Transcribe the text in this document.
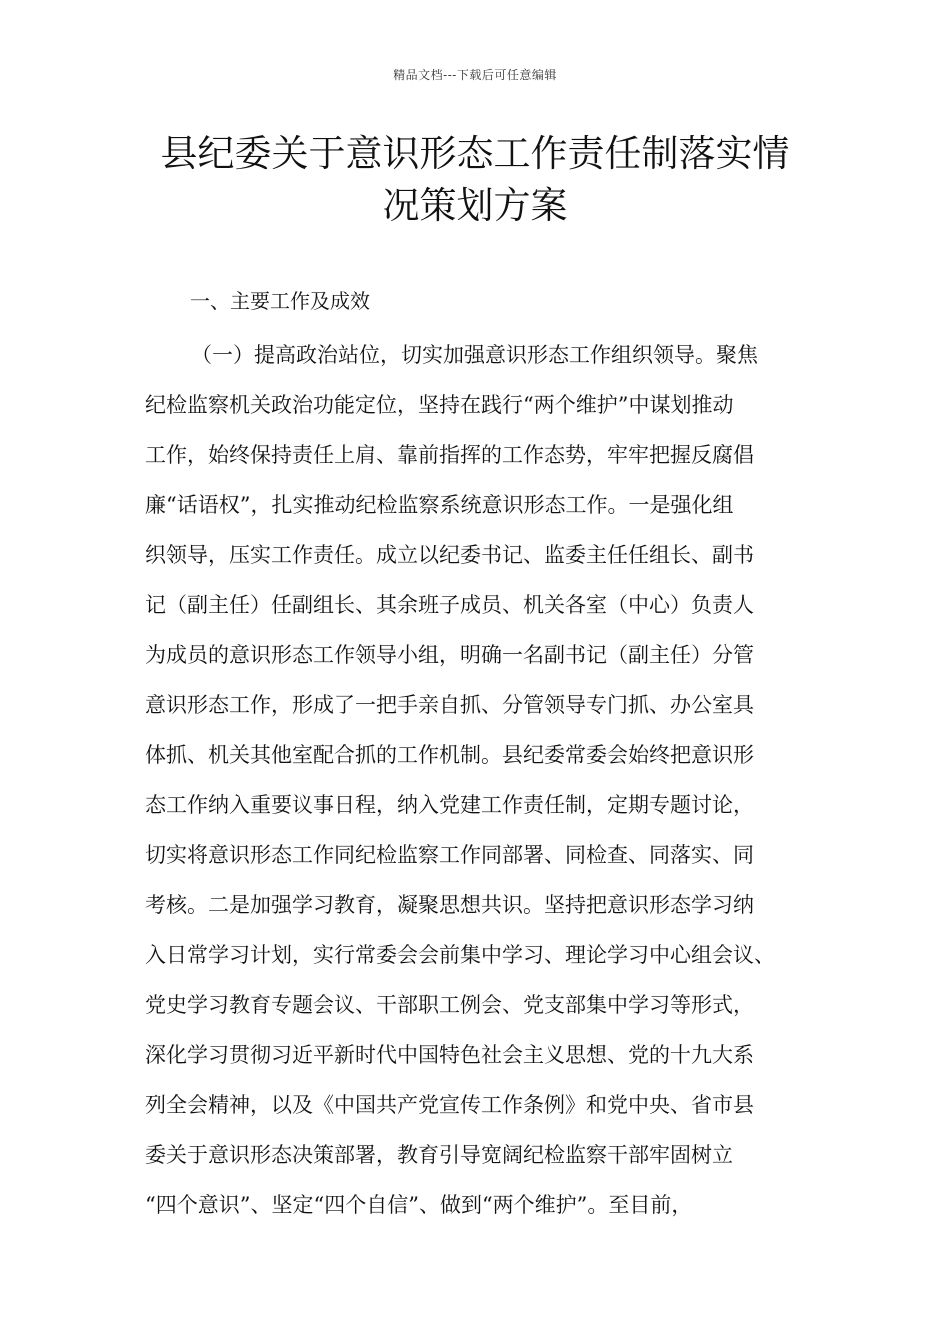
精品文档---下载后可任意编辑
县纪委关于意识形态工作责任制落实情
况策划方案
一、主要工作及成效
（一）提高政治站位，切实加强意识形态工作组织领导。聚焦
纪检监察机关政治功能定位，坚持在践行“两个维护”中谋划推动
工作，始终保持责任上肩、靠前指挥的工作态势，牢牢把握反腐倡
廉“话语权”，扎实推动纪检监察系统意识形态工作。一是强化组
织领导，压实工作责任。成立以纪委书记、监委主任任组长、副书
记（副主任）任副组长、其余班子成员、机关各室（中心）负责人
为成员的意识形态工作领导小组，明确一名副书记（副主任）分管
意识形态工作，形成了一把手亲自抓、分管领导专门抓、办公室具
体抓、机关其他室配合抓的工作机制。县纪委常委会始终把意识形
态工作纳入重要议事日程，纳入党建工作责任制，定期专题讨论，
切实将意识形态工作同纪检监察工作同部署、同检查、同落实、同
考核。二是加强学习教育，凝聚思想共识。坚持把意识形态学习纳
入日常学习计划，实行常委会会前集中学习、理论学习中心组会议、
党史学习教育专题会议、干部职工例会、党支部集中学习等形式，
深化学习贯彻习近平新时代中国特色社会主义思想、党的十九大系
列全会精神，以及《中国共产党宣传工作条例》和党中央、省市县
委关于意识形态决策部署，教育引导宽阔纪检监察干部牢固树立
“四个意识”、坚定“四个自信”、做到“两个维护”。至目前，
